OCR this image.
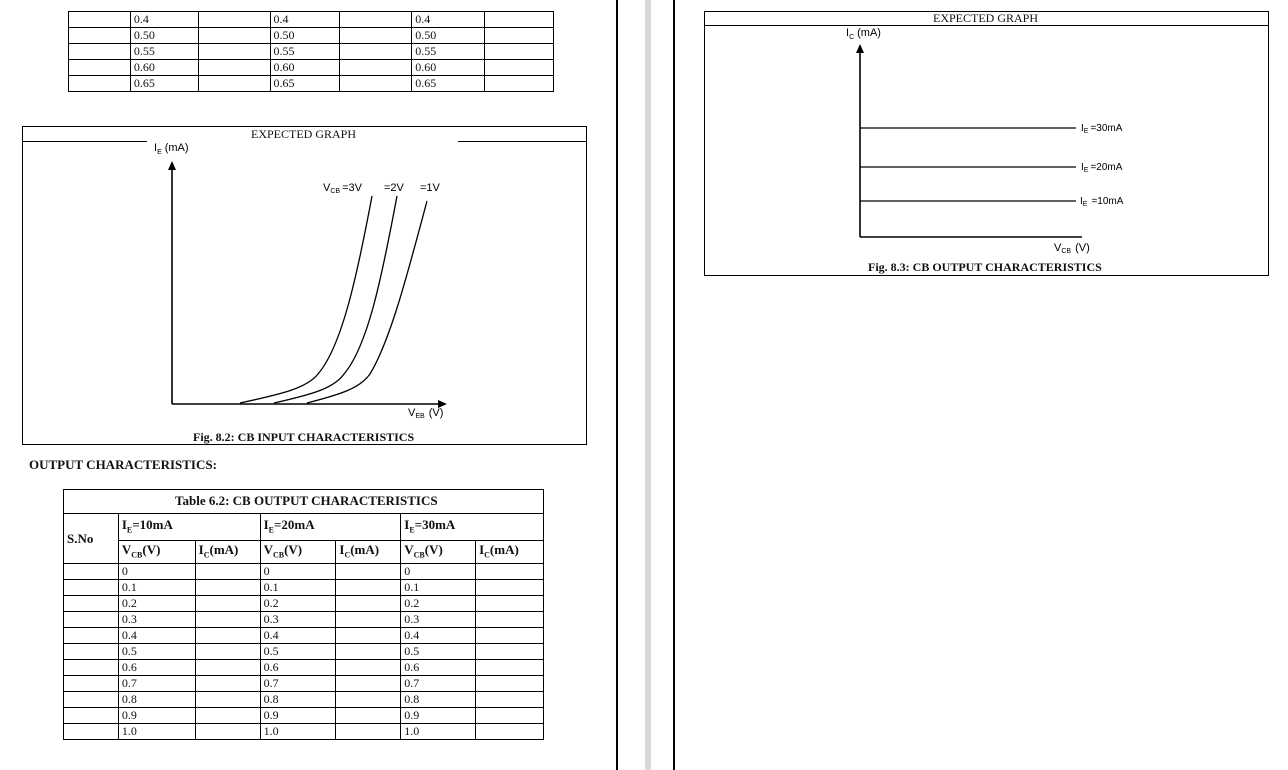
	0.4		0.4		0.4	
	0.50		0.50		0.50	
	0.55		0.55		0.55	
	0.60		0.60		0.60	
	0.65		0.65		0.65	
EXPECTED GRAPH
$I_E$ (mA)
VCB =3V =2V =1V
VEB (V)
Fig. 8.2: CB INPUT CHARACTERISTICS
OUTPUT CHARACTERISTICS:
Table 6.2: CB OUTPUT CHARACTERISTICS
S.No	$I_E=10mA$		$I_E=20mA$		$I_E=30mA$	
	$V_{CB}(V)$	$I_C(mA)$	$V_{CB}(V)$	$I_C(mA)$	$V_{CB}(V)$	$I_C(mA)$
	0		0		0	
	0.1		0.1		0.1	
	0.2		0.2		0.2	
	0.3		0.3		0.3	
	0.4		0.4		0.4	
	0.5		0.5		0.5	
	0.6		0.6		0.6	
	0.7		0.7		0.7	
	0.8		0.8		0.8	
	0.9		0.9		0.9	
	1.0		1.0		1.0	
EXPECTED GRAPH
$I_C$ (mA)
$I_E =30mA$
$I_E =20mA$
$I_E =10mA$
VCB (V)
Fig. 8.3: CB OUTPUT CHARACTERISTICS
